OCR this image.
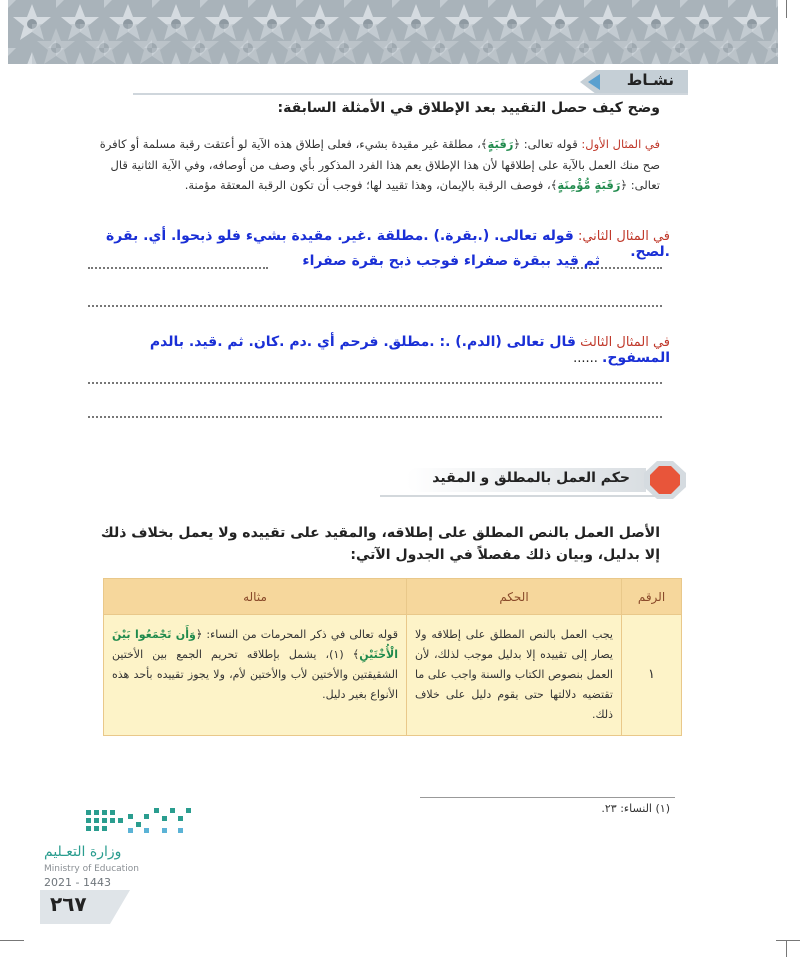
نشـاط
وضح كيف حصل التقييد بعد الإطلاق في الأمثلة السابقة:
في المثال الأول: قوله تعالى: ﴿رَقَبَةٍ﴾، مطلقة غير مقيدة بشيء، فعلى إطلاق هذه الآية لو أعتقت رقبة مسلمة أو كافرة صح منك العمل بالآية على إطلاقها لأن هذا الإطلاق يعم هذا الفرد المذكور بأي وصف من أوصافه، وفي الآية الثانية قال تعالى: ﴿رَقَبَةٍ مُّؤْمِنَةٍ﴾، فوصف الرقبة بالإيمان، وهذا تقييد لها؛ فوجب أن تكون الرقبة المعتقة مؤمنة.
في المثال الثاني: قوله تعالى. (.بقرة.) .مطلقة .غير. مقيدة بشيء فلو ذبحوا. أي. بقرة .لصح.
ثم قيد ببقرة صفراء فوجب ذبح بقرة صفراء
في المثال الثالث قال تعالى (الدم.) .: .مطلق. فرحم أي .دم .كان. ثم .قيد. بالدم المسفوح. ......
حكم العمل بالمطلق و المقيد
الأصل العمل بالنص المطلق على إطلاقه، والمقيد على تقييده ولا يعمل بخلاف ذلك إلا بدليل، وبيان ذلك مفصلاً في الجدول الآتي:
الرقم	الحكم	مثاله
١	يجب العمل بالنص المطلق على إطلاقه ولا يصار إلى تقييده إلا بدليل موجب لذلك، لأن العمل بنصوص الكتاب والسنة واجب على ما تقتضيه دلالتها حتى يقوم دليل على خلاف ذلك.	قوله تعالى في ذكر المحرمات من النساء: ﴿وَأَن تَجْمَعُوا بَيْنَ الْأُخْتَيْنِ﴾ (١)، يشمل بإطلاقه تحريم الجمع بين الأختين الشقيقتين والأختين لأب والأختين لأم، ولا يجوز تقييده بأحد هذه الأنواع بغير دليل.
(١) النساء: ٢٣.
وزارة التعـليم
Ministry of Education
2021 - 1443
٢٦٧
